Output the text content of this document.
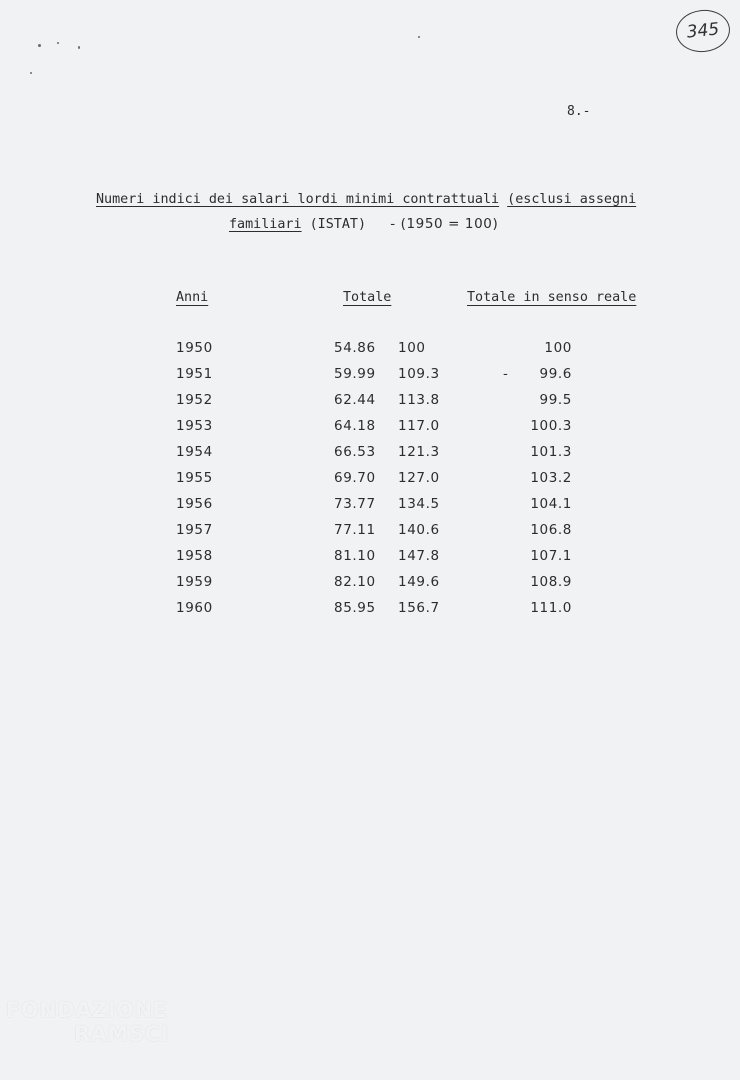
345
8.-
Numeri indici dei salari lordi minimi contrattuali (esclusi assegni
familiari (ISTAT) - (1950 = 100)
Anni	Totale	Totale in senso reale
1950	54.86 100	100
1951	59.99 109.3	- 99.6
1952	62.44 113.8	99.5
1953	64.18 117.0	100.3
1954	66.53 121.3	101.3
1955	69.70 127.0	103.2
1956	73.77 134.5	104.1
1957	77.11 140.6	106.8
1958	81.10 147.8	107.1
1959	82.10 149.6	108.9
1960	85.95 156.7	111.0
FONDAZIONE
RAMSCI
